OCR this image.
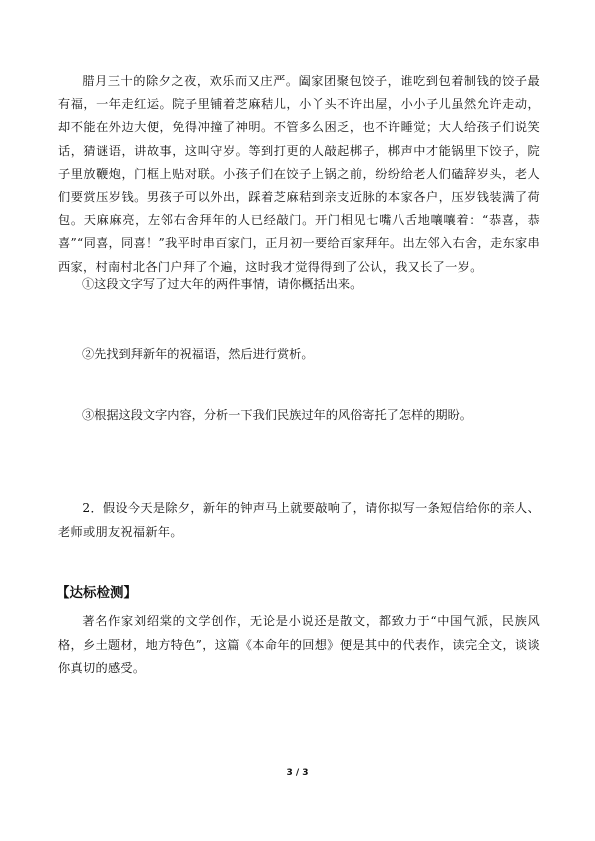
腊月三十的除夕之夜，欢乐而又庄严。阖家团聚包饺子，谁吃到包着制钱的饺子最有福，一年走红运。院子里铺着芝麻秸儿，小丫头不许出屋，小小子儿虽然允许走动，却不能在外边大便，免得冲撞了神明。不管多么困乏，也不许睡觉；大人给孩子们说笑话，猜谜语，讲故事，这叫守岁。等到打更的人敲起梆子，梆声中才能锅里下饺子，院子里放鞭炮，门框上贴对联。小孩子们在饺子上锅之前，纷纷给老人们磕辞岁头，老人们要赏压岁钱。男孩子可以外出，踩着芝麻秸到亲支近脉的本家各户，压岁钱装满了荷包。天麻麻亮，左邻右舍拜年的人已经敲门。开门相见七嘴八舌地嚷嚷着：“恭喜，恭喜”“同喜，同喜！”我平时串百家门，正月初一要给百家拜年。出左邻入右舍，走东家串西家，村南村北各门户拜了个遍，这时我才觉得得到了公认，我又长了一岁。

①这段文字写了过大年的两件事情，请你概括出来。

②先找到拜新年的祝福语，然后进行赏析。

③根据这段文字内容，分析一下我们民族过年的风俗寄托了怎样的期盼。

2．假设今天是除夕，新年的钟声马上就要敲响了，请你拟写一条短信给你的亲人、老师或朋友祝福新年。

【达标检测】

著名作家刘绍棠的文学创作，无论是小说还是散文，都致力于“中国气派，民族风格，乡土题材，地方特色”，这篇《本命年的回想》便是其中的代表作，读完全文，谈谈你真切的感受。

3 / 3
